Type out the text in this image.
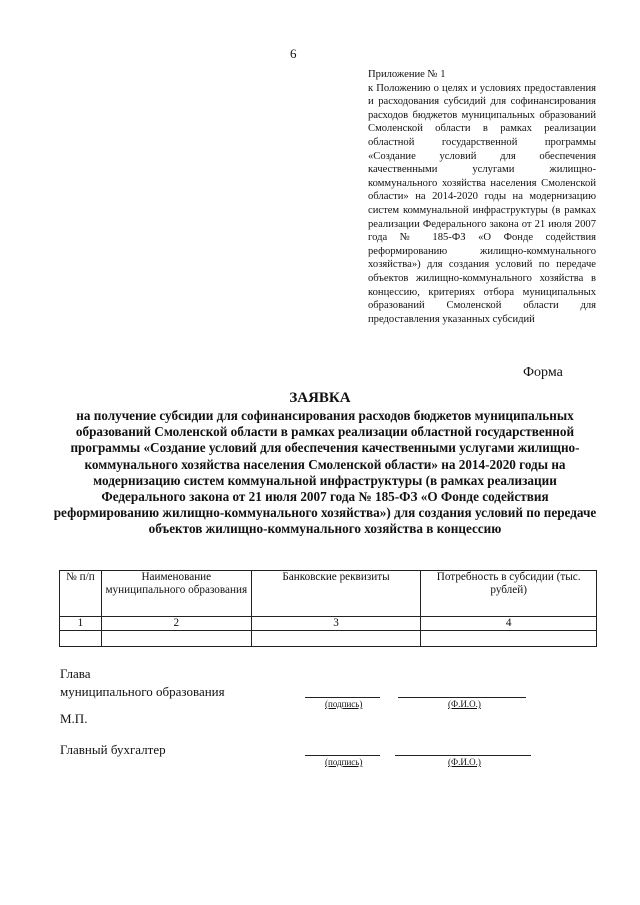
6
Приложение № 1
к Положению о целях и условиях предоставления и расходования субсидий для софинансирования расходов бюджетов муниципальных образований Смоленской области в рамках реализации областной государственной программы «Создание условий для обеспечения качественными услугами жилищно-коммунального хозяйства населения Смоленской области» на 2014-2020 годы на модернизацию систем коммунальной инфраструктуры (в рамках реализации Федерального закона от 21 июля 2007 года № 185-ФЗ «О Фонде содействия реформированию жилищно-коммунального хозяйства») для создания условий по передаче объектов жилищно-коммунального хозяйства в концессию, критериях отбора муниципальных образований Смоленской области для предоставления указанных субсидий
Форма
ЗАЯВКА
на получение субсидии для софинансирования расходов бюджетов муниципальных образований Смоленской области в рамках реализации областной государственной программы «Создание условий для обеспечения качественными услугами жилищно-коммунального хозяйства населения Смоленской области» на 2014-2020 годы на модернизацию систем коммунальной инфраструктуры (в рамках реализации Федерального закона от 21 июля 2007 года № 185-ФЗ «О Фонде содействия реформированию жилищно-коммунального хозяйства») для создания условий по передаче объектов жилищно-коммунального хозяйства в концессию
№ п/п	Наименование муниципального образования	Банковские реквизиты	Потребность в субсидии (тыс. рублей)
1	2	3	4

Глава
муниципального образования
(подпись)	(Ф.И.О.)
М.П.
Главный бухгалтер
(подпись)	(Ф.И.О.)
